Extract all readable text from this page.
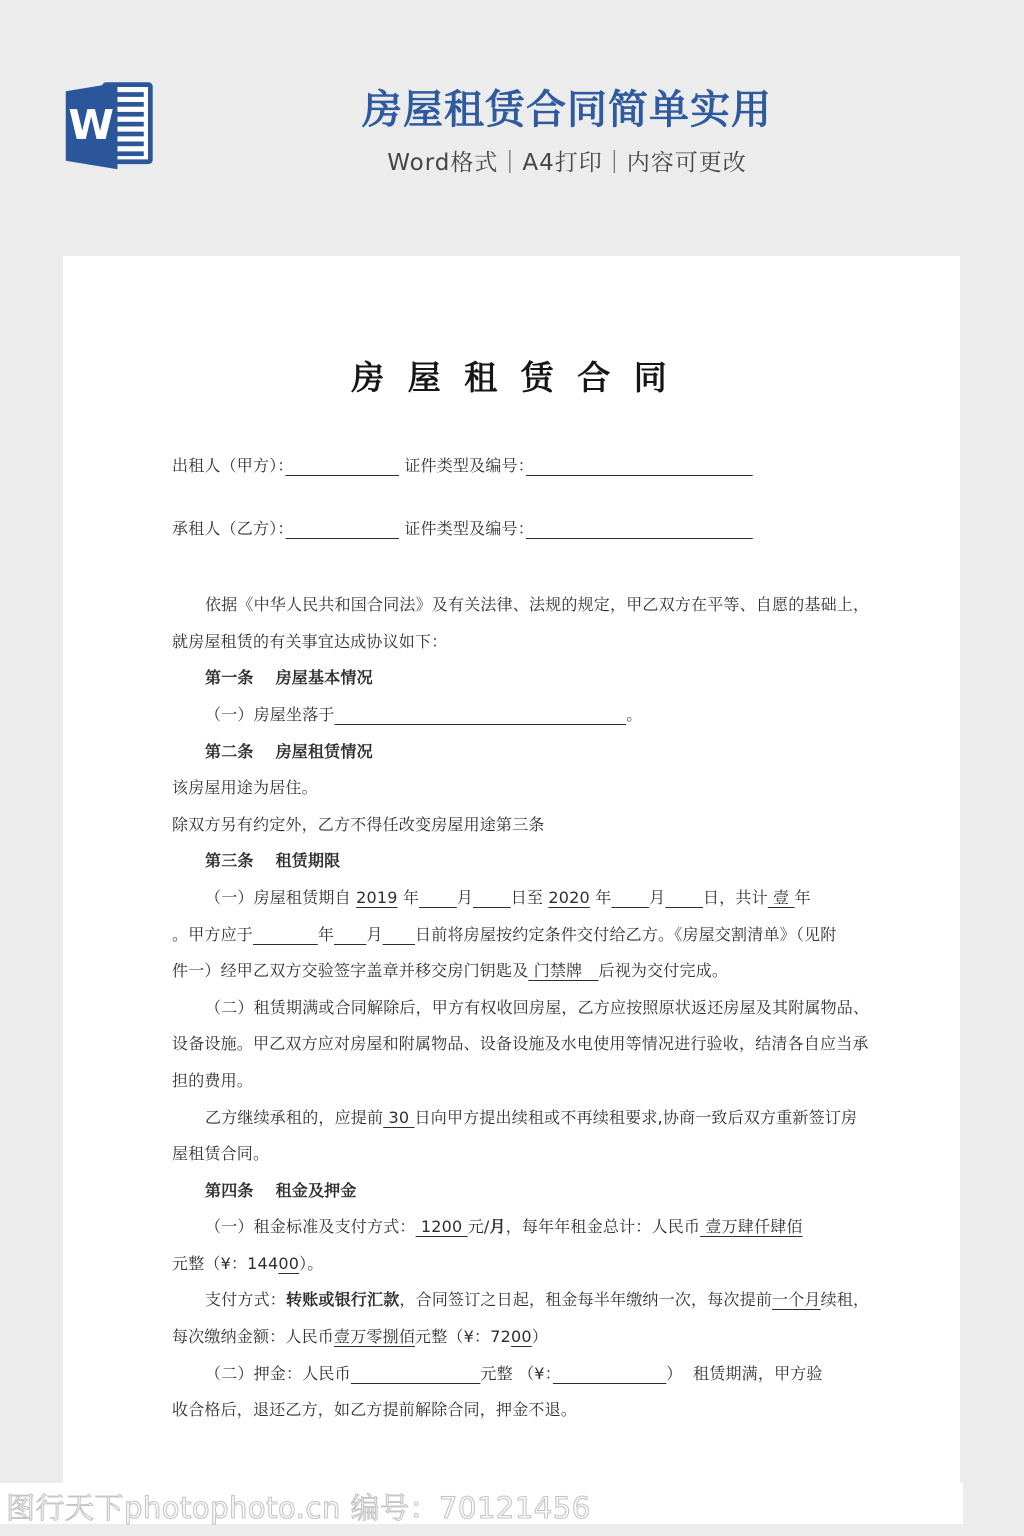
W	房屋租赁合同简单实用
Word格式｜A4打印｜内容可更改
房 屋 租 赁 合 同
出租人（甲方）：　　　　　　　	证件类型及编号：　　　　　　　　　　　　　　
承租人（乙方）：　　　　　　　	证件类型及编号：　　　　　　　　　　　　　　
依据《中华人民共和国合同法》及有关法律、法规的规定，甲乙双方在平等、自愿的基础上，
就房屋租赁的有关事宜达成协议如下：
第一条　 房屋基本情况
（一）房屋坐落于　　　　　　　　　　　　　　　　　　	。
第二条　 房屋租赁情况
该房屋用途为居住。
除双方另有约定外，乙方不得任改变房屋用途第三条
第三条　 租赁期限
（一）房屋租赁期自 2019 年　　 月　　 日至 2020 年　　 月　　 日，共计 壹 年
。甲方应于　　　　	年　　 月　　 日前将房屋按约定条件交付给乙方。《房屋交割清单》（见附
件一）经甲乙双方交验签字盖章并移交房门钥匙及 门禁牌　后视为交付完成。
（二）租赁期满或合同解除后，甲方有权收回房屋，乙方应按照原状返还房屋及其附属物品、
设备设施。甲乙双方应对房屋和附属物品、设备设施及水电使用等情况进行验收，结清各自应当承
担的费用。
乙方继续承租的，应提前 30 日向甲方提出续租或不再续租要求,协商一致后双方重新签订房
屋租赁合同。
第四条　 租金及押金
（一）租金标准及支付方式： 1200 元/月，每年年租金总计：人民币 壹万肆仟肆佰
元整（¥：14400）。
支付方式：转账或银行汇款，合同签订之日起，租金每半年缴纳一次，每次提前一个月续租，
每次缴纳金额：人民币壹万零捌佰元整（¥：7200）
（二）押金：人民币　　　　　　　　	元整 （¥：　　　　　　　	）  租赁期满，甲方验
收合格后，退还乙方，如乙方提前解除合同，押金不退。
图行天下photophoto.cn 编号：70121456
